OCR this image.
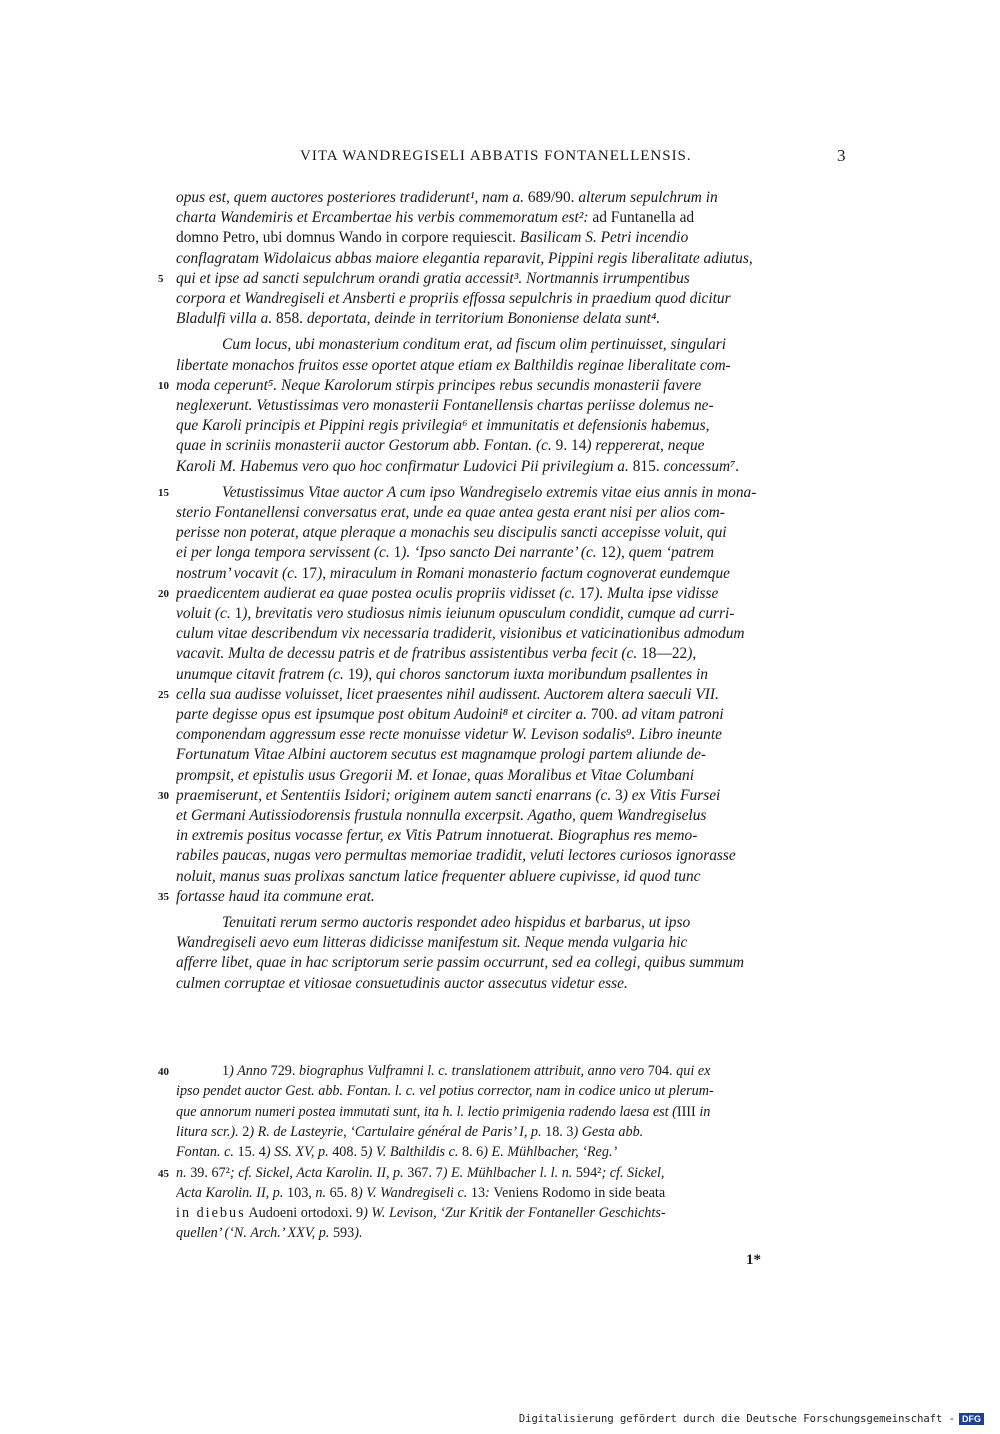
VITA WANDREGISELI ABBATIS FONTANELLENSIS.	3
opus est, quem auctores posteriores tradiderunt¹, nam a. 689/90. alterum sepulchrum in
charta Wandemiris et Ercambertae his verbis commemoratum est²: ad Funtanella ad
domno Petro, ubi domnus Wando in corpore requiescit. Basilicam S. Petri incendio
conflagratam Widolaicus abbas maiore elegantia reparavit, Pippini regis liberalitate adiutus,
qui et ipse ad sancti sepulchrum orandi gratia accessit³. Nortmannis irrumpentibus
5
corpora et Wandregiseli et Ansberti e propriis effossa sepulchris in praedium quod dicitur
Bladulfi villa a. 858. deportata, deinde in territorium Bononiense delata sunt⁴.
Cum locus, ubi monasterium conditum erat, ad fiscum olim pertinuisset, singulari
libertate monachos fruitos esse oportet atque etiam ex Balthildis reginae liberalitate com-
moda ceperunt⁵. Neque Karolorum stirpis principes rebus secundis monasterii favere
10
neglexerunt. Vetustissimas vero monasterii Fontanellensis chartas periisse dolemus ne-
que Karoli principis et Pippini regis privilegia⁶ et immunitatis et defensionis habemus,
quae in scriniis monasterii auctor Gestorum abb. Fontan. (c. 9. 14) reppererat, neque
Karoli M. Habemus vero quo hoc confirmatur Ludovici Pii privilegium a. 815. concessum⁷.
Vetustissimus Vitae auctor A cum ipso Wandregiselo extremis vitae eius annis in mona-
15
sterio Fontanellensi conversatus erat, unde ea quae antea gesta erant nisi per alios com-
perisse non poterat, atque pleraque a monachis seu discipulis sancti accepisse voluit, qui
ei per longa tempora servissent (c. 1). ‘Ipso sancto Dei narrante’ (c. 12), quem ‘patrem
nostrum’ vocavit (c. 17), miraculum in Romani monasterio factum cognoverat eundemque
praedicentem audierat ea quae postea oculis propriis vidisset (c. 17). Multa ipse vidisse
20
voluit (c. 1), brevitatis vero studiosus nimis ieiunum opusculum condidit, cumque ad curri-
culum vitae describendum vix necessaria tradiderit, visionibus et vaticinationibus admodum
vacavit. Multa de decessu patris et de fratribus assistentibus verba fecit (c. 18—22),
unumque citavit fratrem (c. 19), qui choros sanctorum iuxta moribundum psallentes in
cella sua audisse voluisset, licet praesentes nihil audissent. Auctorem altera saeculi VII.
25
parte degisse opus est ipsumque post obitum Audoini⁸ et circiter a. 700. ad vitam patroni
componendam aggressum esse recte monuisse videtur W. Levison sodalis⁹. Libro ineunte
Fortunatum Vitae Albini auctorem secutus est magnamque prologi partem aliunde de-
prompsit, et epistulis usus Gregorii M. et Ionae, quas Moralibus et Vitae Columbani
praemiserunt, et Sententiis Isidori; originem autem sancti enarrans (c. 3) ex Vitis Fursei
30
et Germani Autissiodorensis frustula nonnulla excerpsit. Agatho, quem Wandregiselus
in extremis positus vocasse fertur, ex Vitis Patrum innotuerat. Biographus res memo-
rabiles paucas, nugas vero permultas memoriae tradidit, veluti lectores curiosos ignorasse
noluit, manus suas prolixas sanctum latice frequenter abluere cupivisse, id quod tunc
fortasse haud ita commune erat.
35
Tenuitati rerum sermo auctoris respondet adeo hispidus et barbarus, ut ipso
Wandregiseli aevo eum litteras didicisse manifestum sit. Neque menda vulgaria hic
afferre libet, quae in hac scriptorum serie passim occurrunt, sed ea collegi, quibus summum
culmen corruptae et vitiosae consuetudinis auctor assecutus videtur esse.
1) Anno 729. biographus Vulframni l. c. translationem attribuit, anno vero 704. qui ex
40
ipso pendet auctor Gest. abb. Fontan. l. c. vel potius corrector, nam in codice unico ut plerum-
que annorum numeri postea immutati sunt, ita h. l. lectio primigenia radendo laesa est (IIII in
litura scr.). 2) R. de Lasteyrie, ‘Cartulaire général de Paris’ I, p. 18. 3) Gesta abb.
Fontan. c. 15. 4) SS. XV, p. 408. 5) V. Balthildis c. 8. 6) E. Mühlbacher, ‘Reg.’
n. 39. 67²; cf. Sickel, Acta Karolin. II, p. 367. 7) E. Mühlbacher l. l. n. 594²; cf. Sickel,
45
Acta Karolin. II, p. 103, n. 65. 8) V. Wandregiseli c. 13: Veniens Rodomo in side beata
in diebus Audoeni ortodoxi. 9) W. Levison, ‘Zur Kritik der Fontaneller Geschichts-
quellen’ (‘N. Arch.’ XXV, p. 593).
1*
Digitalisierung gefördert durch die Deutsche Forschungsgemeinschaft - DFG
